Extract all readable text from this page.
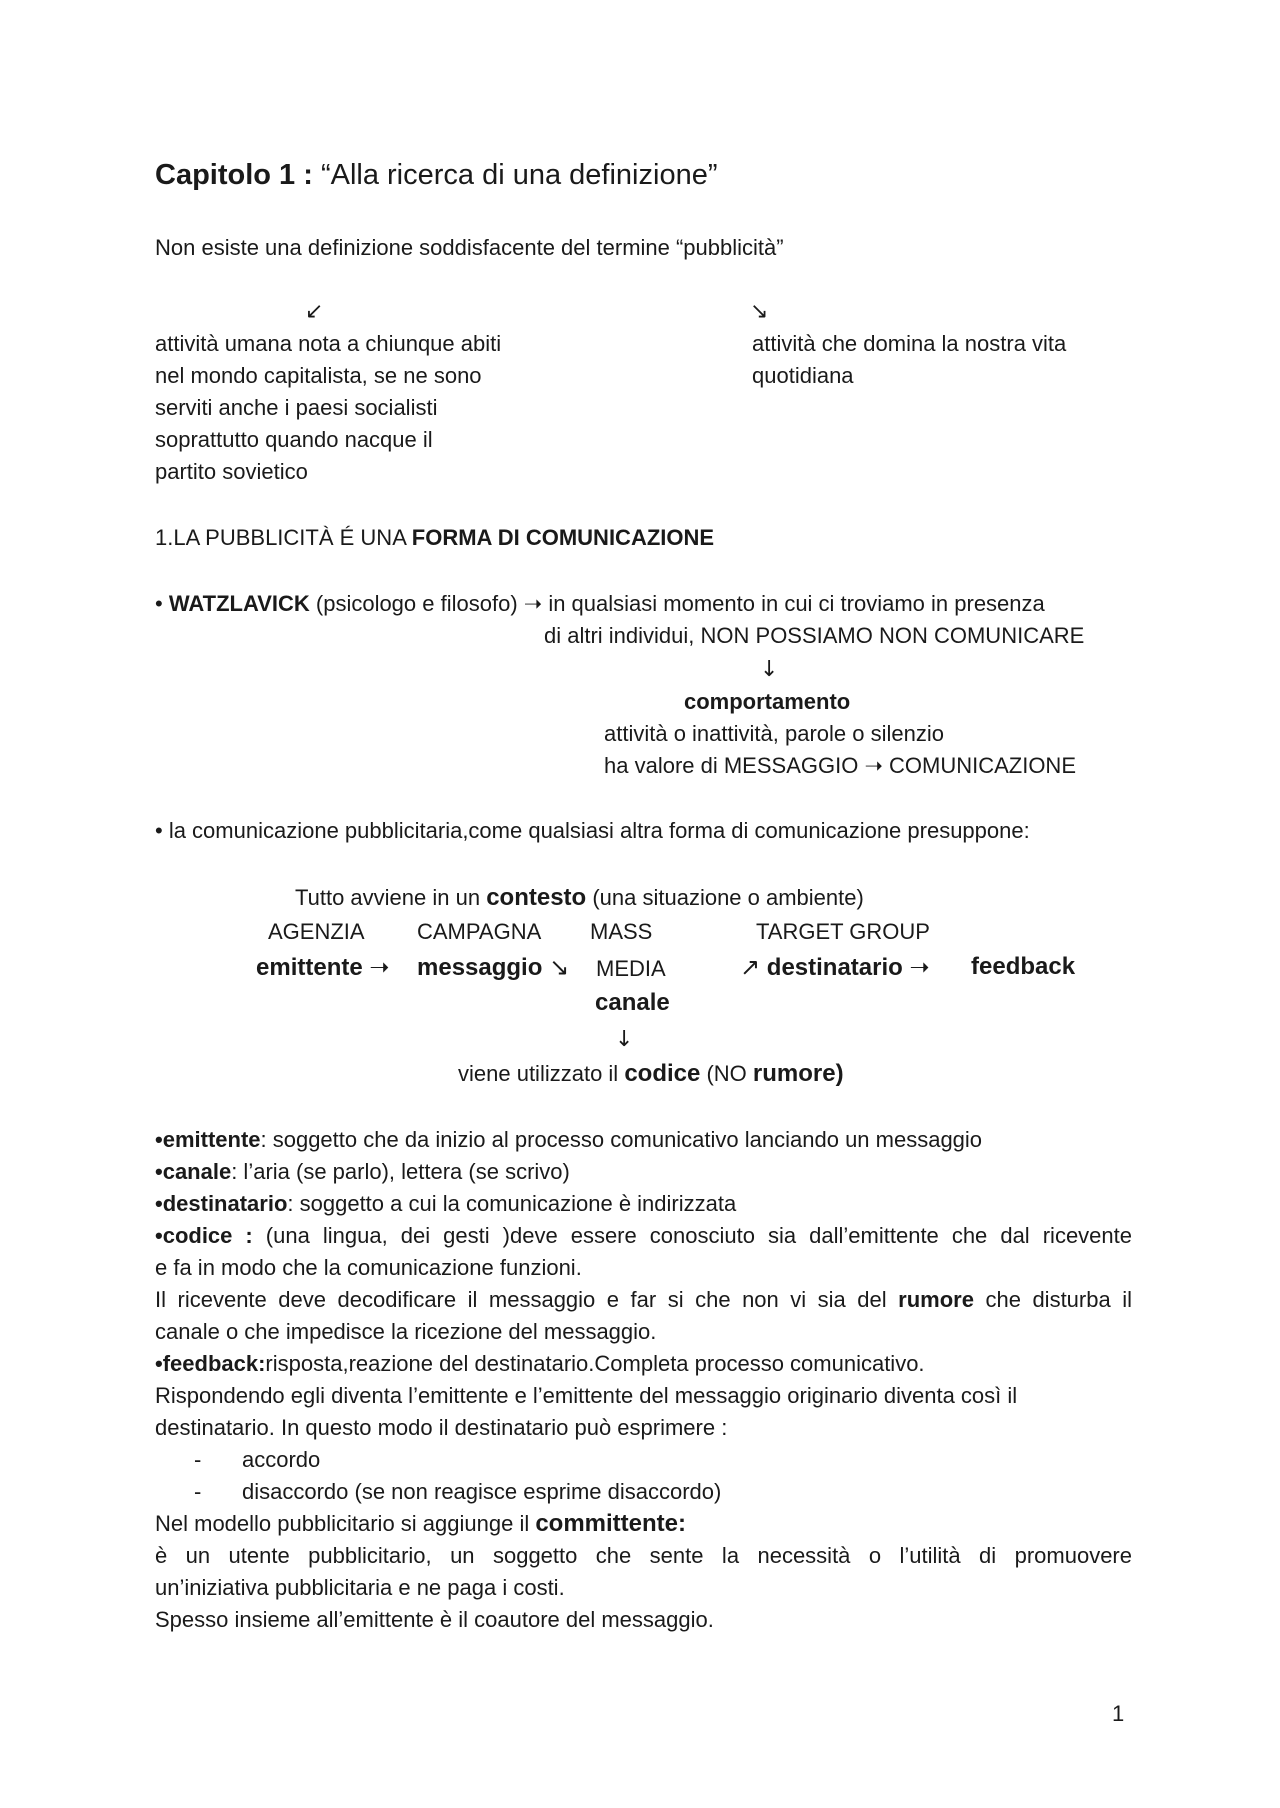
Capitolo 1 : “Alla ricerca di una definizione”
Non esiste una definizione soddisfacente del termine “pubblicità”
↙	↘
attività umana nota a chiunque abiti
nel mondo capitalista, se ne sono
serviti anche i paesi socialisti
soprattutto quando nacque il
partito sovietico
attività che domina la nostra vita
quotidiana
1.LA PUBBLICITÀ É UNA FORMA DI COMUNICAZIONE
• WATZLAVICK (psicologo e filosofo) ➝ in qualsiasi momento in cui ci troviamo in presenza
di altri individui, NON POSSIAMO NON COMUNICARE
↓
comportamento
attività o inattività, parole o silenzio
ha valore di MESSAGGIO ➝ COMUNICAZIONE
• la comunicazione pubblicitaria,come qualsiasi altra forma di comunicazione presuppone:
Tutto avviene in un contesto (una situazione o ambiente)
AGENZIA CAMPAGNA MASS	TARGET GROUP
emittente ➝ messaggio ↘ MEDIA	↗ destinatario ➝ feedback
canale
↓
viene utilizzato il codice (NO rumore)
•emittente: soggetto che da inizio al processo comunicativo lanciando un messaggio
•canale: l’aria (se parlo), lettera (se scrivo)
•destinatario: soggetto a cui la comunicazione è indirizzata
•codice : (una lingua, dei gesti )deve essere conosciuto sia dall’emittente che dal ricevente
e fa in modo che la comunicazione funzioni.
Il ricevente deve decodificare il messaggio e far si che non vi sia del rumore che disturba il
canale o che impedisce la ricezione del messaggio.
•feedback:risposta,reazione del destinatario.Completa processo comunicativo.
Rispondendo egli diventa l’emittente e l’emittente del messaggio originario diventa così il
destinatario. In questo modo il destinatario può esprimere :
- accordo
- disaccordo (se non reagisce esprime disaccordo)
Nel modello pubblicitario si aggiunge il committente:
è un utente pubblicitario, un soggetto che sente la necessità o l’utilità di promuovere
un’iniziativa pubblicitaria e ne paga i costi.
Spesso insieme all’emittente è il coautore del messaggio.
1
